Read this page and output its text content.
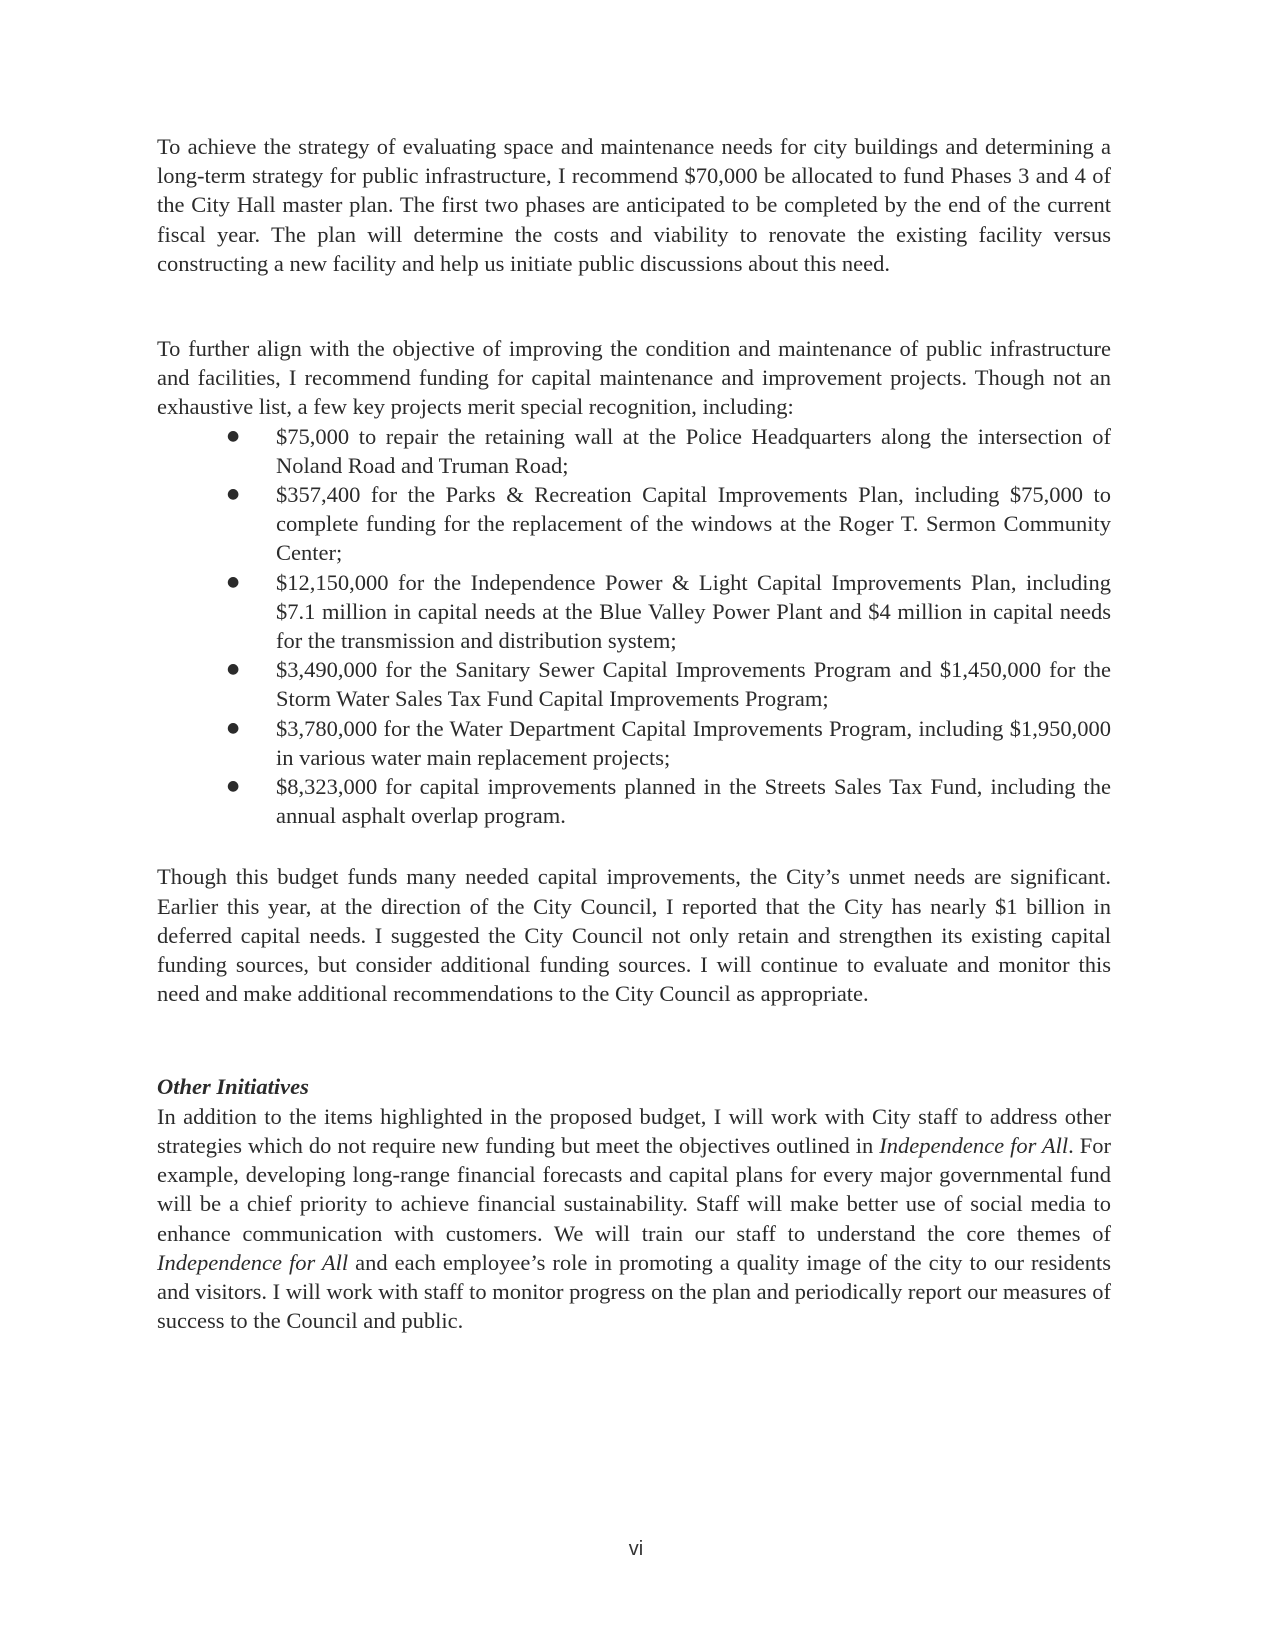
To achieve the strategy of evaluating space and maintenance needs for city buildings and determining a long-term strategy for public infrastructure, I recommend $70,000 be allocated to fund Phases 3 and 4 of the City Hall master plan. The first two phases are anticipated to be completed by the end of the current fiscal year. The plan will determine the costs and viability to renovate the existing facility versus constructing a new facility and help us initiate public discussions about this need.

To further align with the objective of improving the condition and maintenance of public infrastructure and facilities, I recommend funding for capital maintenance and improvement projects. Though not an exhaustive list, a few key projects merit special recognition, including:

● $75,000 to repair the retaining wall at the Police Headquarters along the intersection of Noland Road and Truman Road;
● $357,400 for the Parks & Recreation Capital Improvements Plan, including $75,000 to complete funding for the replacement of the windows at the Roger T. Sermon Community Center;
● $12,150,000 for the Independence Power & Light Capital Improvements Plan, including $7.1 million in capital needs at the Blue Valley Power Plant and $4 million in capital needs for the transmission and distribution system;
● $3,490,000 for the Sanitary Sewer Capital Improvements Program and $1,450,000 for the Storm Water Sales Tax Fund Capital Improvements Program;
● $3,780,000 for the Water Department Capital Improvements Program, including $1,950,000 in various water main replacement projects;
● $8,323,000 for capital improvements planned in the Streets Sales Tax Fund, including the annual asphalt overlap program.

Though this budget funds many needed capital improvements, the City’s unmet needs are significant. Earlier this year, at the direction of the City Council, I reported that the City has nearly $1 billion in deferred capital needs. I suggested the City Council not only retain and strengthen its existing capital funding sources, but consider additional funding sources. I will continue to evaluate and monitor this need and make additional recommendations to the City Council as appropriate.

Other Initiatives

In addition to the items highlighted in the proposed budget, I will work with City staff to address other strategies which do not require new funding but meet the objectives outlined in Independence for All. For example, developing long-range financial forecasts and capital plans for every major governmental fund will be a chief priority to achieve financial sustainability. Staff will make better use of social media to enhance communication with customers. We will train our staff to understand the core themes of Independence for All and each employee’s role in promoting a quality image of the city to our residents and visitors. I will work with staff to monitor progress on the plan and periodically report our measures of success to the Council and public.

vi
